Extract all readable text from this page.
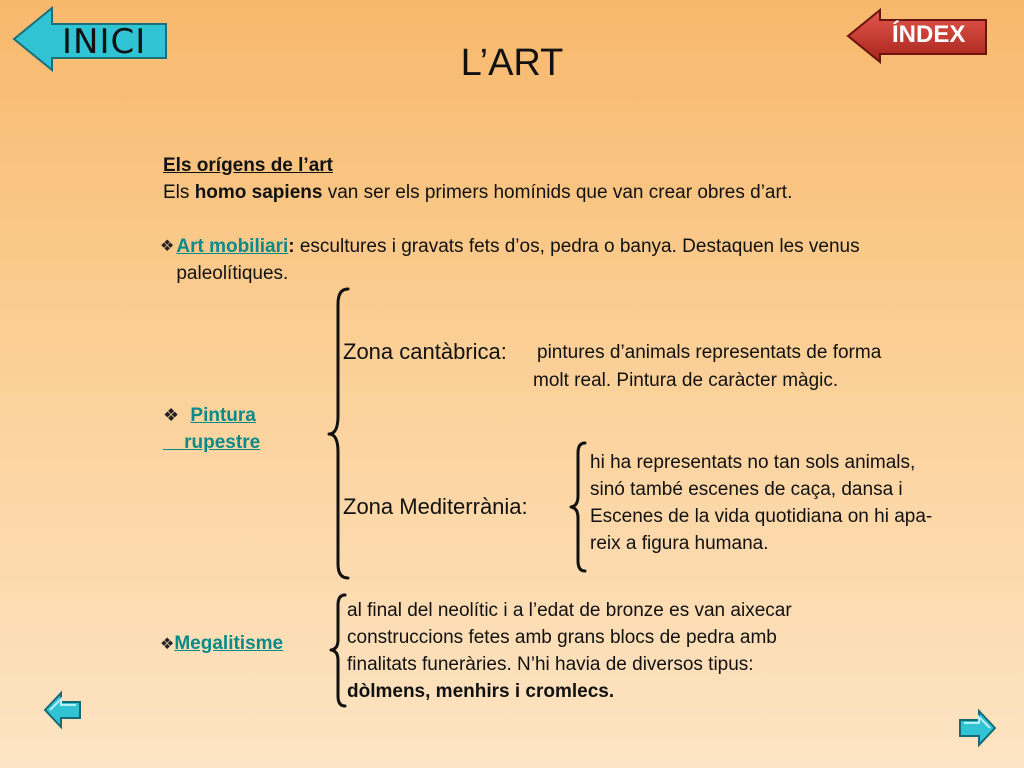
INICI	ÍNDEX
L’ART
Els orígens de l’art
Els homo sapiens van ser els primers homínids que van crear obres d’art.
❖ Art mobiliari: escultures i gravats fets d’os, pedra o banya. Destaquen les venus paleolítiques.
❖ Pintura
rupestre
Zona cantàbrica: pintures d’animals representats de forma
molt real. Pintura de caràcter màgic.
Zona Mediterrània:
hi ha representats no tan sols animals,
sinó també escenes de caça, dansa i
Escenes de la vida quotidiana on hi apa-
reix a figura humana.
❖Megalitisme
al final del neolític i a l’edat de bronze es van aixecar
construccions fetes amb grans blocs de pedra amb
finalitats funeràries. N’hi havia de diversos tipus:
dòlmens, menhirs i cromlecs.
